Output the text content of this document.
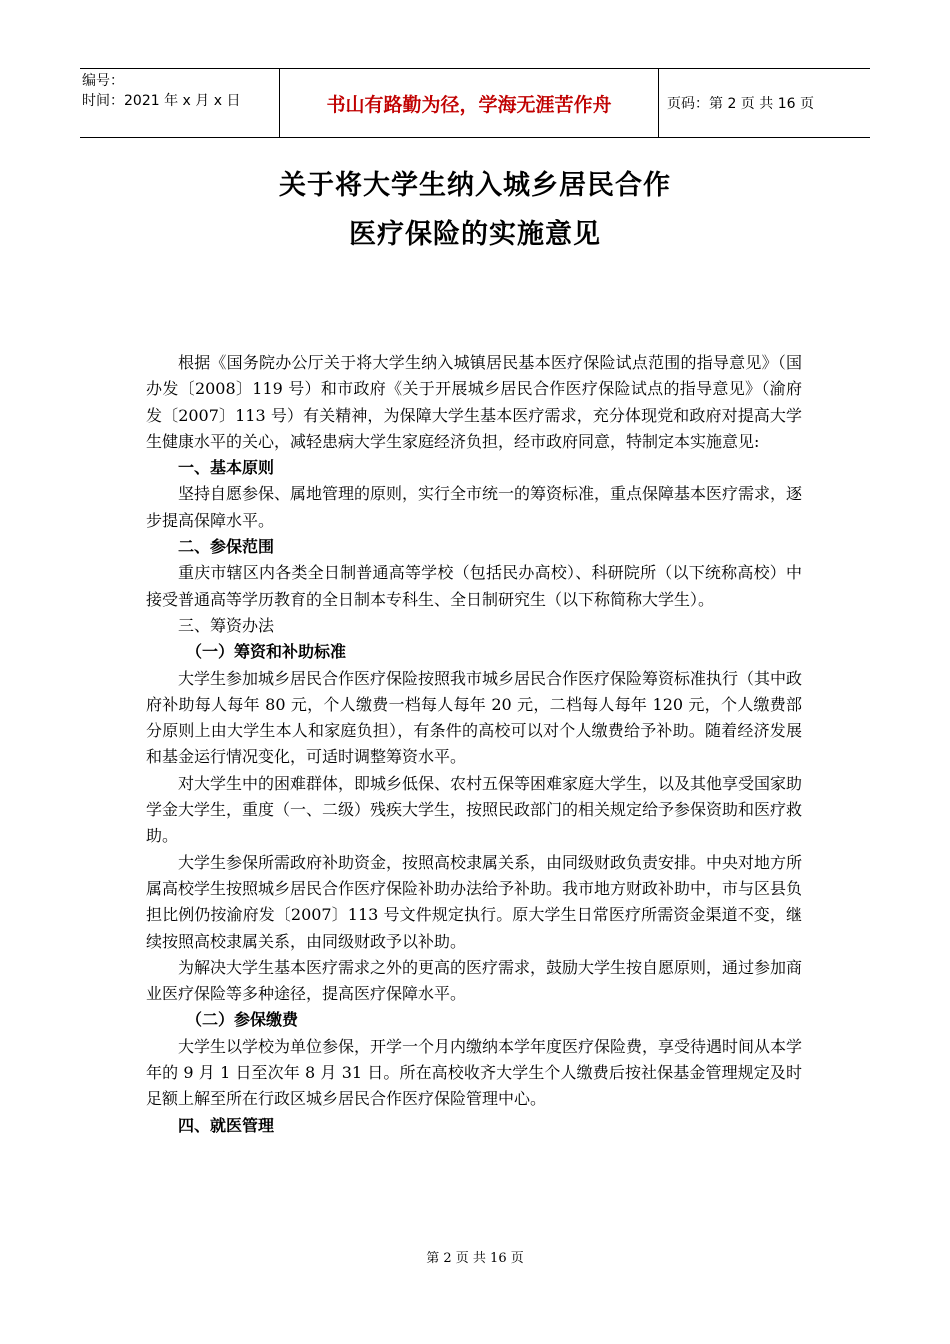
编号：
时间：2021 年 x 月 x 日	书山有路勤为径，学海无涯苦作舟	页码：第 2 页 共 16 页
关于将大学生纳入城乡居民合作
医疗保险的实施意见

根据《国务院办公厅关于将大学生纳入城镇居民基本医疗保险试点范围的指导意见》（国办发〔2008〕119 号）和市政府《关于开展城乡居民合作医疗保险试点的指导意见》（渝府发〔2007〕113 号）有关精神，为保障大学生基本医疗需求，充分体现党和政府对提高大学生健康水平的关心，减轻患病大学生家庭经济负担，经市政府同意，特制定本实施意见:

一、基本原则

坚持自愿参保、属地管理的原则，实行全市统一的筹资标准，重点保障基本医疗需求，逐步提高保障水平。

二、参保范围

重庆市辖区内各类全日制普通高等学校（包括民办高校）、科研院所（以下统称高校）中接受普通高等学历教育的全日制本专科生、全日制研究生（以下称简称大学生）。

三、筹资办法
（一）筹资和补助标准

大学生参加城乡居民合作医疗保险按照我市城乡居民合作医疗保险筹资标准执行（其中政府补助每人每年 80 元，个人缴费一档每人每年 20 元，二档每人每年 120 元，个人缴费部分原则上由大学生本人和家庭负担），有条件的高校可以对个人缴费给予补助。随着经济发展和基金运行情况变化，可适时调整筹资水平。

对大学生中的困难群体，即城乡低保、农村五保等困难家庭大学生，以及其他享受国家助学金大学生，重度（一、二级）残疾大学生，按照民政部门的相关规定给予参保资助和医疗救助。

大学生参保所需政府补助资金，按照高校隶属关系，由同级财政负责安排。中央对地方所属高校学生按照城乡居民合作医疗保险补助办法给予补助。我市地方财政补助中，市与区县负担比例仍按渝府发〔2007〕113 号文件规定执行。原大学生日常医疗所需资金渠道不变，继续按照高校隶属关系，由同级财政予以补助。

为解决大学生基本医疗需求之外的更高的医疗需求，鼓励大学生按自愿原则，通过参加商业医疗保险等多种途径，提高医疗保障水平。

（二）参保缴费

大学生以学校为单位参保，开学一个月内缴纳本学年度医疗保险费，享受待遇时间从本学年的 9 月 1 日至次年 8 月 31 日。所在高校收齐大学生个人缴费后按社保基金管理规定及时足额上解至所在行政区城乡居民合作医疗保险管理中心。

四、就医管理
第 2 页 共 16 页
